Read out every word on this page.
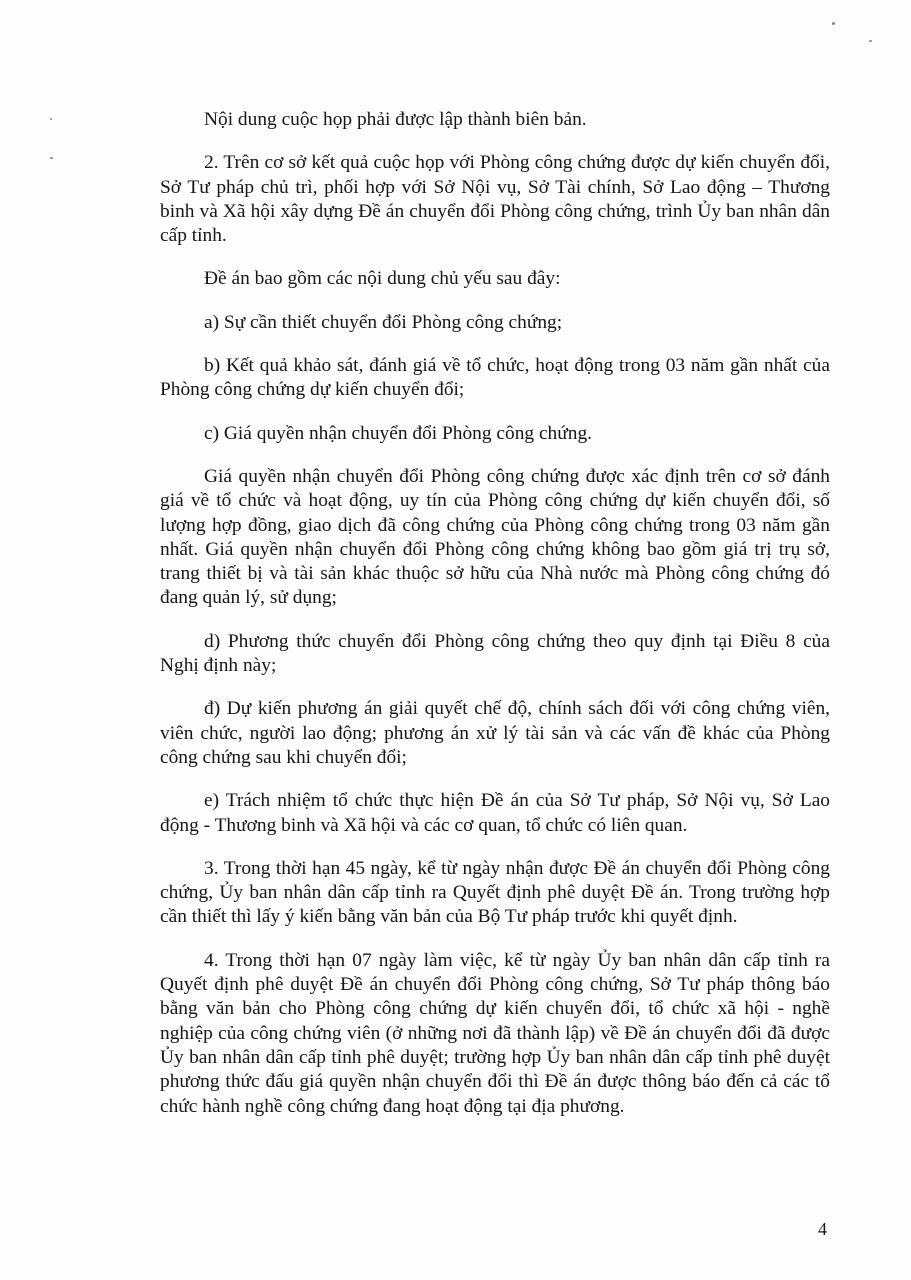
Nội dung cuộc họp phải được lập thành biên bản.

2. Trên cơ sở kết quả cuộc họp với Phòng công chứng được dự kiến chuyển đổi, Sở Tư pháp chủ trì, phối hợp với Sở Nội vụ, Sở Tài chính, Sở Lao động – Thương binh và Xã hội xây dựng Đề án chuyển đổi Phòng công chứng, trình Ủy ban nhân dân cấp tỉnh.

Đề án bao gồm các nội dung chủ yếu sau đây:

a) Sự cần thiết chuyển đổi Phòng công chứng;

b) Kết quả khảo sát, đánh giá về tổ chức, hoạt động trong 03 năm gần nhất của Phòng công chứng dự kiến chuyển đổi;

c) Giá quyền nhận chuyển đổi Phòng công chứng.

Giá quyền nhận chuyển đổi Phòng công chứng được xác định trên cơ sở đánh giá về tổ chức và hoạt động, uy tín của Phòng công chứng dự kiến chuyển đổi, số lượng hợp đồng, giao dịch đã công chứng của Phòng công chứng trong 03 năm gần nhất. Giá quyền nhận chuyển đổi Phòng công chứng không bao gồm giá trị trụ sở, trang thiết bị và tài sản khác thuộc sở hữu của Nhà nước mà Phòng công chứng đó đang quản lý, sử dụng;

d) Phương thức chuyển đổi Phòng công chứng theo quy định tại Điều 8 của Nghị định này;

đ) Dự kiến phương án giải quyết chế độ, chính sách đối với công chứng viên, viên chức, người lao động; phương án xử lý tài sản và các vấn đề khác của Phòng công chứng sau khi chuyển đổi;

e) Trách nhiệm tổ chức thực hiện Đề án của Sở Tư pháp, Sở Nội vụ, Sở Lao động - Thương binh và Xã hội và các cơ quan, tổ chức có liên quan.

3. Trong thời hạn 45 ngày, kể từ ngày nhận được Đề án chuyển đổi Phòng công chứng, Ủy ban nhân dân cấp tỉnh ra Quyết định phê duyệt Đề án. Trong trường hợp cần thiết thì lấy ý kiến bằng văn bản của Bộ Tư pháp trước khi quyết định.

4. Trong thời hạn 07 ngày làm việc, kể từ ngày Ủy ban nhân dân cấp tỉnh ra Quyết định phê duyệt Đề án chuyển đổi Phòng công chứng, Sở Tư pháp thông báo bằng văn bản cho Phòng công chứng dự kiến chuyển đổi, tổ chức xã hội - nghề nghiệp của công chứng viên (ở những nơi đã thành lập) về Đề án chuyển đổi đã được Ủy ban nhân dân cấp tỉnh phê duyệt; trường hợp Ủy ban nhân dân cấp tỉnh phê duyệt phương thức đấu giá quyền nhận chuyển đổi thì Đề án được thông báo đến cả các tổ chức hành nghề công chứng đang hoạt động tại địa phương.

4
